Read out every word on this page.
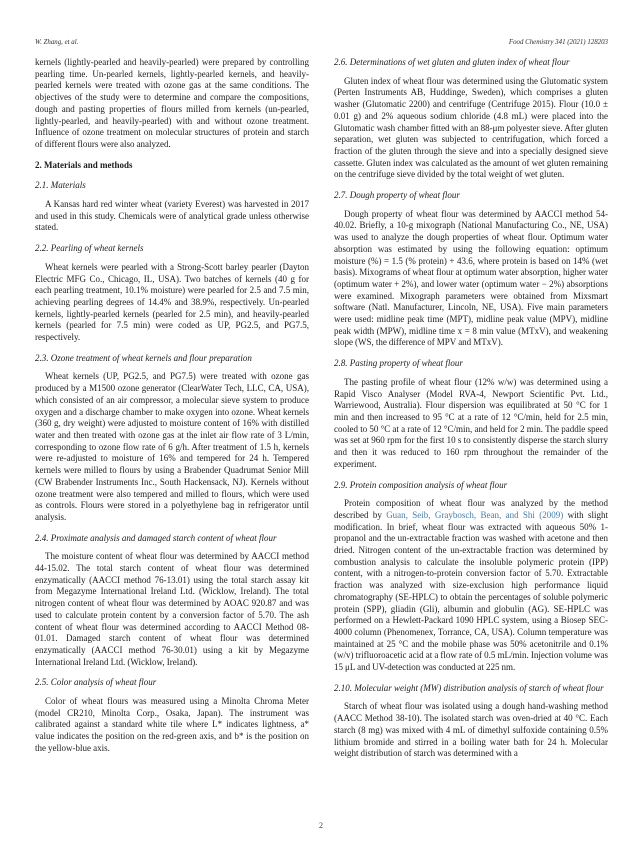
W. Zhang, et al.	Food Chemistry 341 (2021) 128203

kernels (lightly-pearled and heavily-pearled) were prepared by controlling pearling time. Un-pearled kernels, lightly-pearled kernels, and heavily-pearled kernels were treated with ozone gas at the same conditions. The objectives of the study were to determine and compare the compositions, dough and pasting properties of flours milled from kernels (un-pearled, lightly-pearled, and heavily-pearled) with and without ozone treatment. Influence of ozone treatment on molecular structures of protein and starch of different flours were also analyzed.

2. Materials and methods
2.1. Materials

A Kansas hard red winter wheat (variety Everest) was harvested in 2017 and used in this study. Chemicals were of analytical grade unless otherwise stated.

2.2. Pearling of wheat kernels

Wheat kernels were pearled with a Strong-Scott barley pearler (Dayton Electric MFG Co., Chicago, IL, USA). Two batches of kernels (40 g for each pearling treatment, 10.1% moisture) were pearled for 2.5 and 7.5 min, achieving pearling degrees of 14.4% and 38.9%, respectively. Un-pearled kernels, lightly-pearled kernels (pearled for 2.5 min), and heavily-pearled kernels (pearled for 7.5 min) were coded as UP, PG2.5, and PG7.5, respectively.

2.3. Ozone treatment of wheat kernels and flour preparation

Wheat kernels (UP, PG2.5, and PG7.5) were treated with ozone gas produced by a M1500 ozone generator (ClearWater Tech, LLC, CA, USA), which consisted of an air compressor, a molecular sieve system to produce oxygen and a discharge chamber to make oxygen into ozone. Wheat kernels (360 g, dry weight) were adjusted to moisture content of 16% with distilled water and then treated with ozone gas at the inlet air flow rate of 3 L/min, corresponding to ozone flow rate of 6 g/h. After treatment of 1.5 h, kernels were re-adjusted to moisture of 16% and tempered for 24 h. Tempered kernels were milled to flours by using a Brabender Quadrumat Senior Mill (CW Brabender Instruments Inc., South Hackensack, NJ). Kernels without ozone treatment were also tempered and milled to flours, which were used as controls. Flours were stored in a polyethylene bag in refrigerator until analysis.

2.4. Proximate analysis and damaged starch content of wheat flour

The moisture content of wheat flour was determined by AACCI method 44-15.02. The total starch content of wheat flour was determined enzymatically (AACCI method 76-13.01) using the total starch assay kit from Megazyme International Ireland Ltd. (Wicklow, Ireland). The total nitrogen content of wheat flour was determined by AOAC 920.87 and was used to calculate protein content by a conversion factor of 5.70. The ash content of wheat flour was determined according to AACCI Method 08-01.01. Damaged starch content of wheat flour was determined enzymatically (AACCI method 76-30.01) using a kit by Megazyme International Ireland Ltd. (Wicklow, Ireland).

2.5. Color analysis of wheat flour

Color of wheat flours was measured using a Minolta Chroma Meter (model CR210, Minolta Corp., Osaka, Japan). The instrument was calibrated against a standard white tile where L* indicates lightness, a* value indicates the position on the red-green axis, and b* is the position on the yellow-blue axis.

2.6. Determinations of wet gluten and gluten index of wheat flour

Gluten index of wheat flour was determined using the Glutomatic system (Perten Instruments AB, Huddinge, Sweden), which comprises a gluten washer (Glutomatic 2200) and centrifuge (Centrifuge 2015). Flour (10.0 ± 0.01 g) and 2% aqueous sodium chloride (4.8 mL) were placed into the Glutomatic wash chamber fitted with an 88-μm polyester sieve. After gluten separation, wet gluten was subjected to centrifugation, which forced a fraction of the gluten through the sieve and into a specially designed sieve cassette. Gluten index was calculated as the amount of wet gluten remaining on the centrifuge sieve divided by the total weight of wet gluten.

2.7. Dough property of wheat flour

Dough property of wheat flour was determined by AACCI method 54-40.02. Briefly, a 10-g mixograph (National Manufacturing Co., NE, USA) was used to analyze the dough properties of wheat flour. Optimum water absorption was estimated by using the following equation: optimum moisture (%) = 1.5 (% protein) + 43.6, where protein is based on 14% (wet basis). Mixograms of wheat flour at optimum water absorption, higher water (optimum water + 2%), and lower water (optimum water − 2%) absorptions were examined. Mixograph parameters were obtained from Mixsmart software (Natl. Manufacturer, Lincoln, NE, USA). Five main parameters were used: midline peak time (MPT), midline peak value (MPV), midline peak width (MPW), midline time x = 8 min value (MTxV), and weakening slope (WS, the difference of MPV and MTxV).

2.8. Pasting property of wheat flour

The pasting profile of wheat flour (12% w/w) was determined using a Rapid Visco Analyser (Model RVA-4, Newport Scientific Pvt. Ltd., Warriewood, Australia). Flour dispersion was equilibrated at 50 °C for 1 min and then increased to 95 °C at a rate of 12 °C/min, held for 2.5 min, cooled to 50 °C at a rate of 12 °C/min, and held for 2 min. The paddle speed was set at 960 rpm for the first 10 s to consistently disperse the starch slurry and then it was reduced to 160 rpm throughout the remainder of the experiment.

2.9. Protein composition analysis of wheat flour

Protein composition of wheat flour was analyzed by the method described by Guan, Seib, Graybosch, Bean, and Shi (2009) with slight modification. In brief, wheat flour was extracted with aqueous 50% 1-propanol and the un-extractable fraction was washed with acetone and then dried. Nitrogen content of the un-extractable fraction was determined by combustion analysis to calculate the insoluble polymeric protein (IPP) content, with a nitrogen-to-protein conversion factor of 5.70. Extractable fraction was analyzed with size-exclusion high performance liquid chromatography (SE-HPLC) to obtain the percentages of soluble polymeric protein (SPP), gliadin (Gli), albumin and globulin (AG). SE-HPLC was performed on a Hewlett-Packard 1090 HPLC system, using a Biosep SEC-4000 column (Phenomenex, Torrance, CA, USA). Column temperature was maintained at 25 °C and the mobile phase was 50% acetonitrile and 0.1% (w/v) trifluoroacetic acid at a flow rate of 0.5 mL/min. Injection volume was 15 μL and UV-detection was conducted at 225 nm.

2.10. Molecular weight (MW) distribution analysis of starch of wheat flour

Starch of wheat flour was isolated using a dough hand-washing method (AACC Method 38-10). The isolated starch was oven-dried at 40 °C. Each starch (8 mg) was mixed with 4 mL of dimethyl sulfoxide containing 0.5% lithium bromide and stirred in a boiling water bath for 24 h. Molecular weight distribution of starch was determined with a

2
